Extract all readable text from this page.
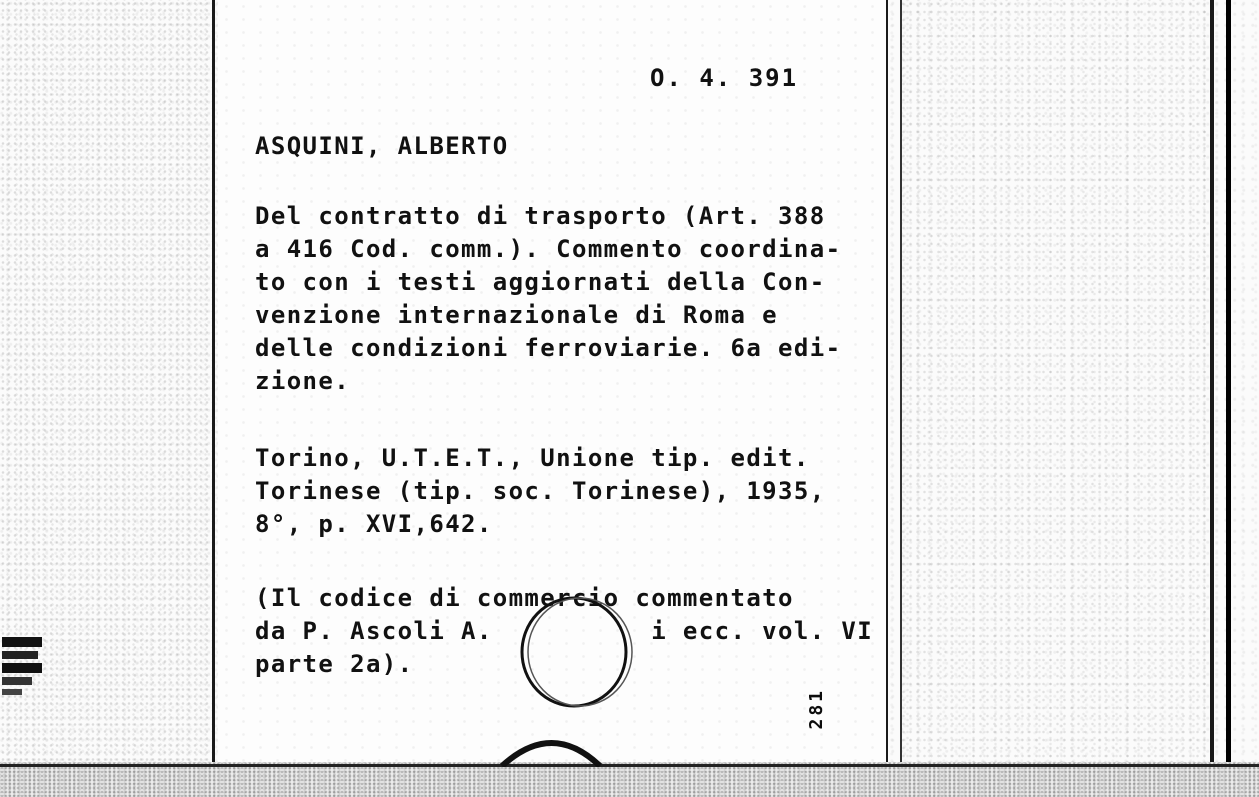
O. 4. 391
ASQUINI, ALBERTO
Del contratto di trasporto (Art. 388
a 416 Cod. comm.). Commento coordina-
to con i testi aggiornati della Con-
venzione internazionale di Roma e
delle condizioni ferroviarie. 6a edi-
zione.
Torino, U.T.E.T., Unione tip. edit.
Torinese (tip. soc. Torinese), 1935,
8°, p. XVI,642.
(Il codice di commercio commentato
da P. Ascoli A.          i ecc. vol. VI
parte 2a).
281
